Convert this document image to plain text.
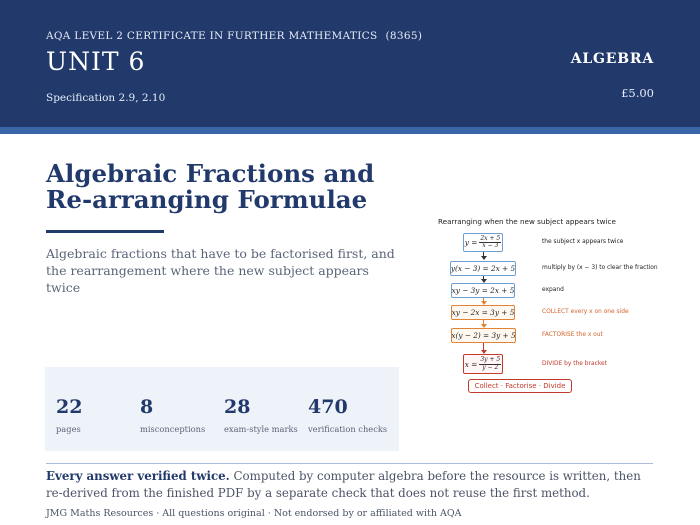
AQA LEVEL 2 CERTIFICATE IN FURTHER MATHEMATICS (8365)
UNIT 6
Specification 2.9, 2.10
ALGEBRA
£5.00
Algebraic Fractions and Re-arranging Formulae
Algebraic fractions that have to be factorised first, and the rearrangement where the new subject appears twice
22
pages
8
misconceptions
28
exam-style marks
470
verification checks
Rearranging when the new subject appears twice
$y = \frac{2x + 5}{x - 3}$	the subject x appears twice
y(x − 3) = 2x + 5	multiply by (x − 3) to clear the fraction
xy − 3y = 2x + 5	expand
xy − 2x = 3y + 5	COLLECT every x on one side
x(y − 2) = 3y + 5	FACTORISE the x out
$x = \frac{3y + 5}{y - 2}$	DIVIDE by the bracket
Collect · Factorise · Divide
Every answer verified twice. Computed by computer algebra before the resource is written, then re-derived from the finished PDF by a separate check that does not reuse the first method.
JMG Maths Resources · All questions original · Not endorsed by or affiliated with AQA
